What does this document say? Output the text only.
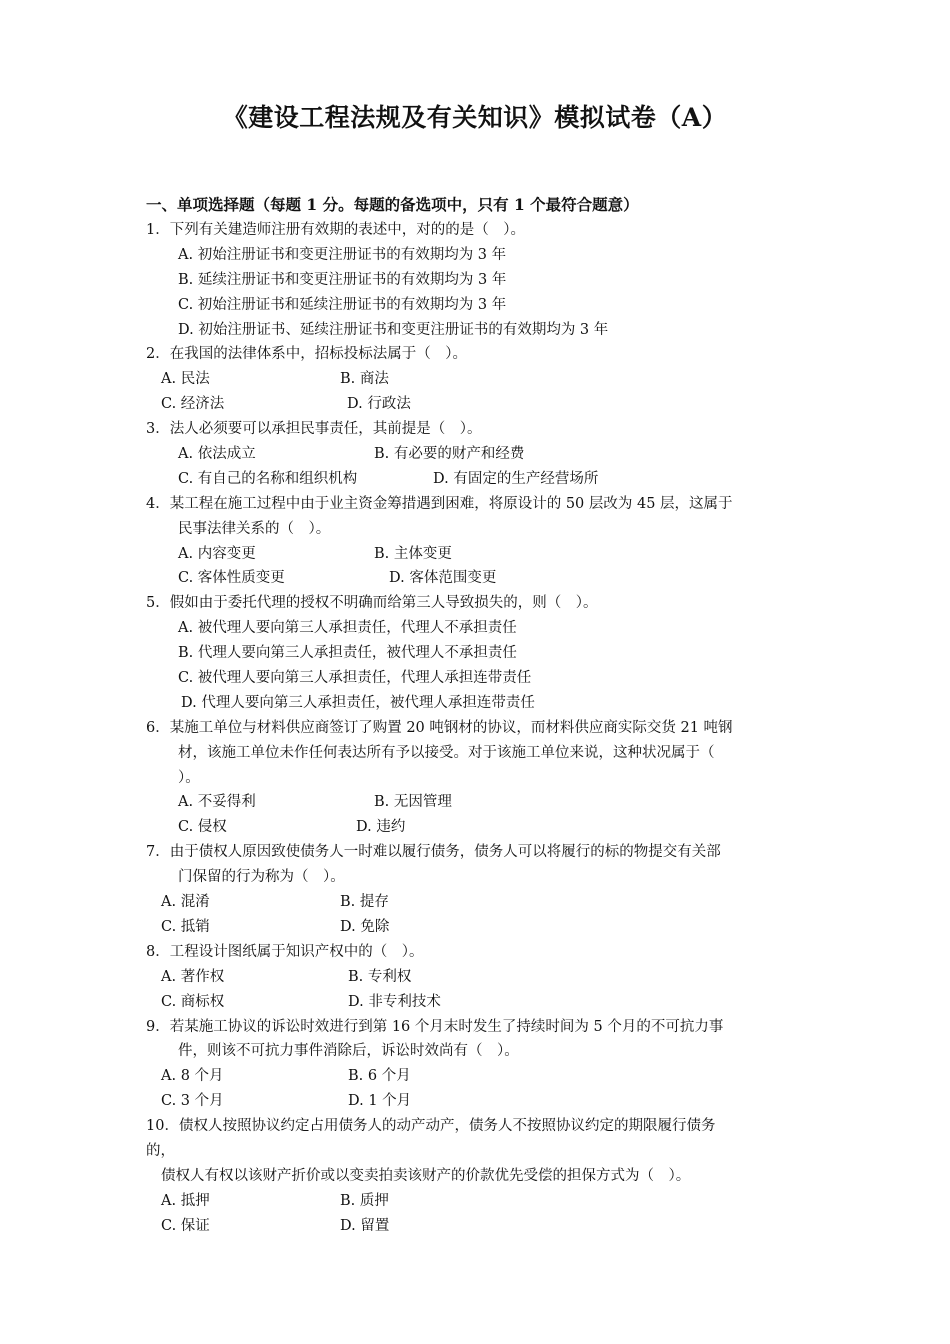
《建设工程法规及有关知识》模拟试卷（A）
一、单项选择题（每题 1 分。每题的备选项中，只有 1 个最符合题意）
1．下列有关建造师注册有效期的表述中，对的的是（　）。
A. 初始注册证书和变更注册证书的有效期均为 3 年
B. 延续注册证书和变更注册证书的有效期均为 3 年
C. 初始注册证书和延续注册证书的有效期均为 3 年
D. 初始注册证书、延续注册证书和变更注册证书的有效期均为 3 年
2．在我国的法律体系中，招标投标法属于（　）。
A. 民法	B. 商法
C. 经济法	D. 行政法
3．法人必须要可以承担民事责任，其前提是（　）。
A. 依法成立	B. 有必要的财产和经费
C. 有自己的名称和组织机构	D. 有固定的生产经营场所
4．某工程在施工过程中由于业主资金筹措遇到困难，将原设计的 50 层改为 45 层，这属于
民事法律关系的（　）。
A. 内容变更	B. 主体变更
C. 客体性质变更	D. 客体范围变更
5．假如由于委托代理的授权不明确而给第三人导致损失的，则（　）。
A. 被代理人要向第三人承担责任，代理人不承担责任
B. 代理人要向第三人承担责任，被代理人不承担责任
C. 被代理人要向第三人承担责任，代理人承担连带责任
D. 代理人要向第三人承担责任，被代理人承担连带责任
6．某施工单位与材料供应商签订了购置 20 吨钢材的协议，而材料供应商实际交货 21 吨钢
材，该施工单位未作任何表达所有予以接受。对于该施工单位来说，这种状况属于（
）。
A. 不妥得利	B. 无因管理
C. 侵权	D. 违约
7．由于债权人原因致使债务人一时难以履行债务，债务人可以将履行的标的物提交有关部
门保留的行为称为（　）。
A. 混淆	B. 提存
C. 抵销	D. 免除
8．工程设计图纸属于知识产权中的（　）。
A. 著作权	B. 专利权
C. 商标权	D. 非专利技术
9．若某施工协议的诉讼时效进行到第 16 个月末时发生了持续时间为 5 个月的不可抗力事
件，则该不可抗力事件消除后，诉讼时效尚有（　）。
A. 8 个月	B. 6 个月
C. 3 个月	D. 1 个月
10．债权人按照协议约定占用债务人的动产动产，债务人不按照协议约定的期限履行债务
的，
债权人有权以该财产折价或以变卖拍卖该财产的价款优先受偿的担保方式为（　）。
A. 抵押	B. 质押
C. 保证	D. 留置
